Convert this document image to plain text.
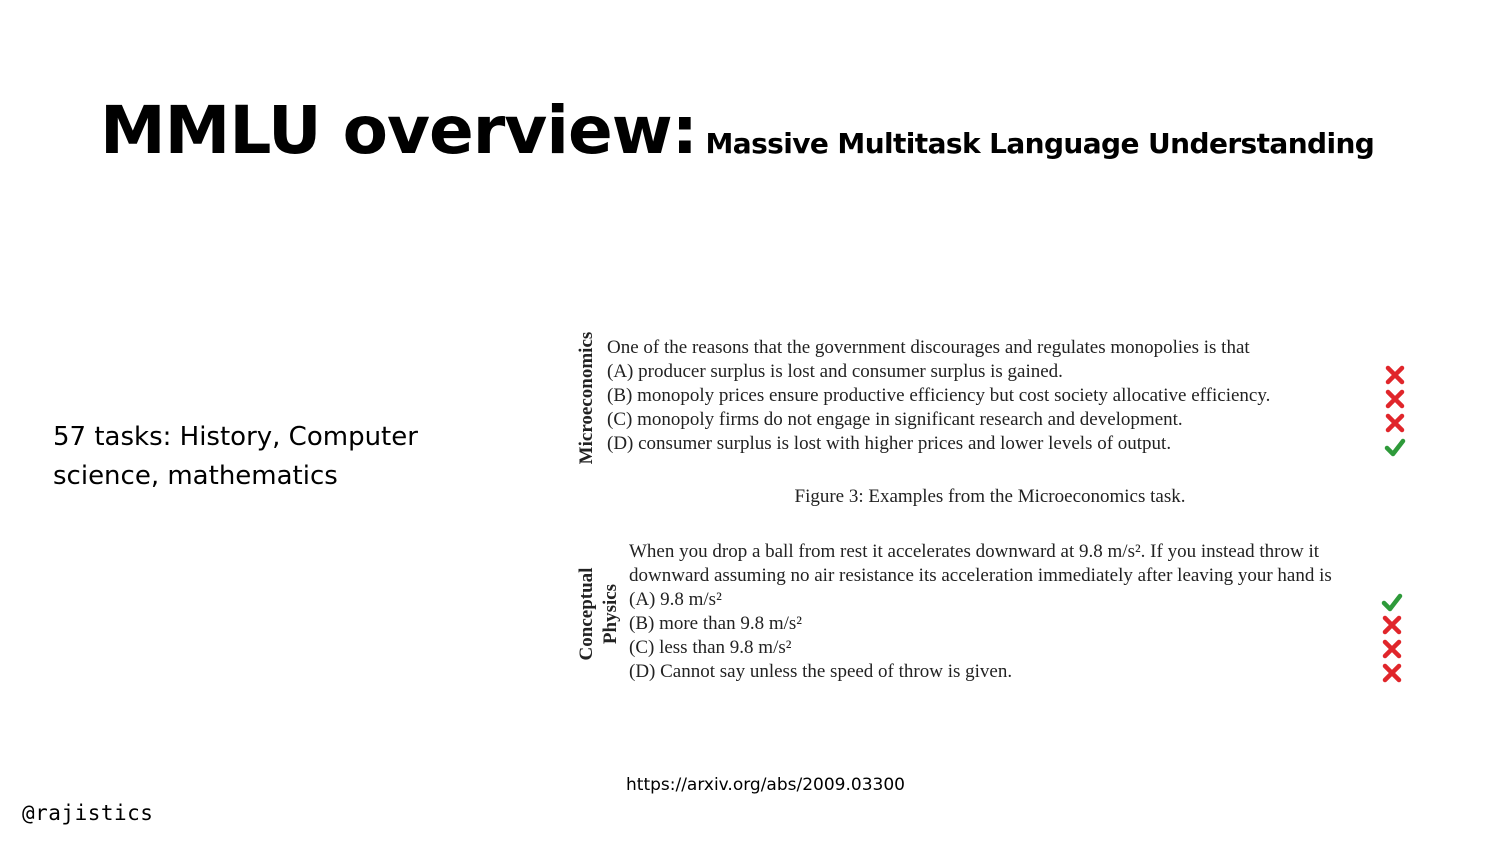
MMLU overview: Massive Multitask Language Understanding
57 tasks: History, Computer science, mathematics
Microeconomics One of the reasons that the government discourages and regulates monopolies is that
(A) producer surplus is lost and consumer surplus is gained.
(B) monopoly prices ensure productive efficiency but cost society allocative efficiency.
(C) monopoly firms do not engage in significant research and development.
(D) consumer surplus is lost with higher prices and lower levels of output.
Figure 3: Examples from the Microeconomics task.
Conceptual Physics
When you drop a ball from rest it accelerates downward at 9.8 m/s². If you instead throw it
downward assuming no air resistance its acceleration immediately after leaving your hand is
(A) 9.8 m/s²
(B) more than 9.8 m/s²
(C) less than 9.8 m/s²
(D) Cannot say unless the speed of throw is given.
https://arxiv.org/abs/2009.03300
@rajistics
